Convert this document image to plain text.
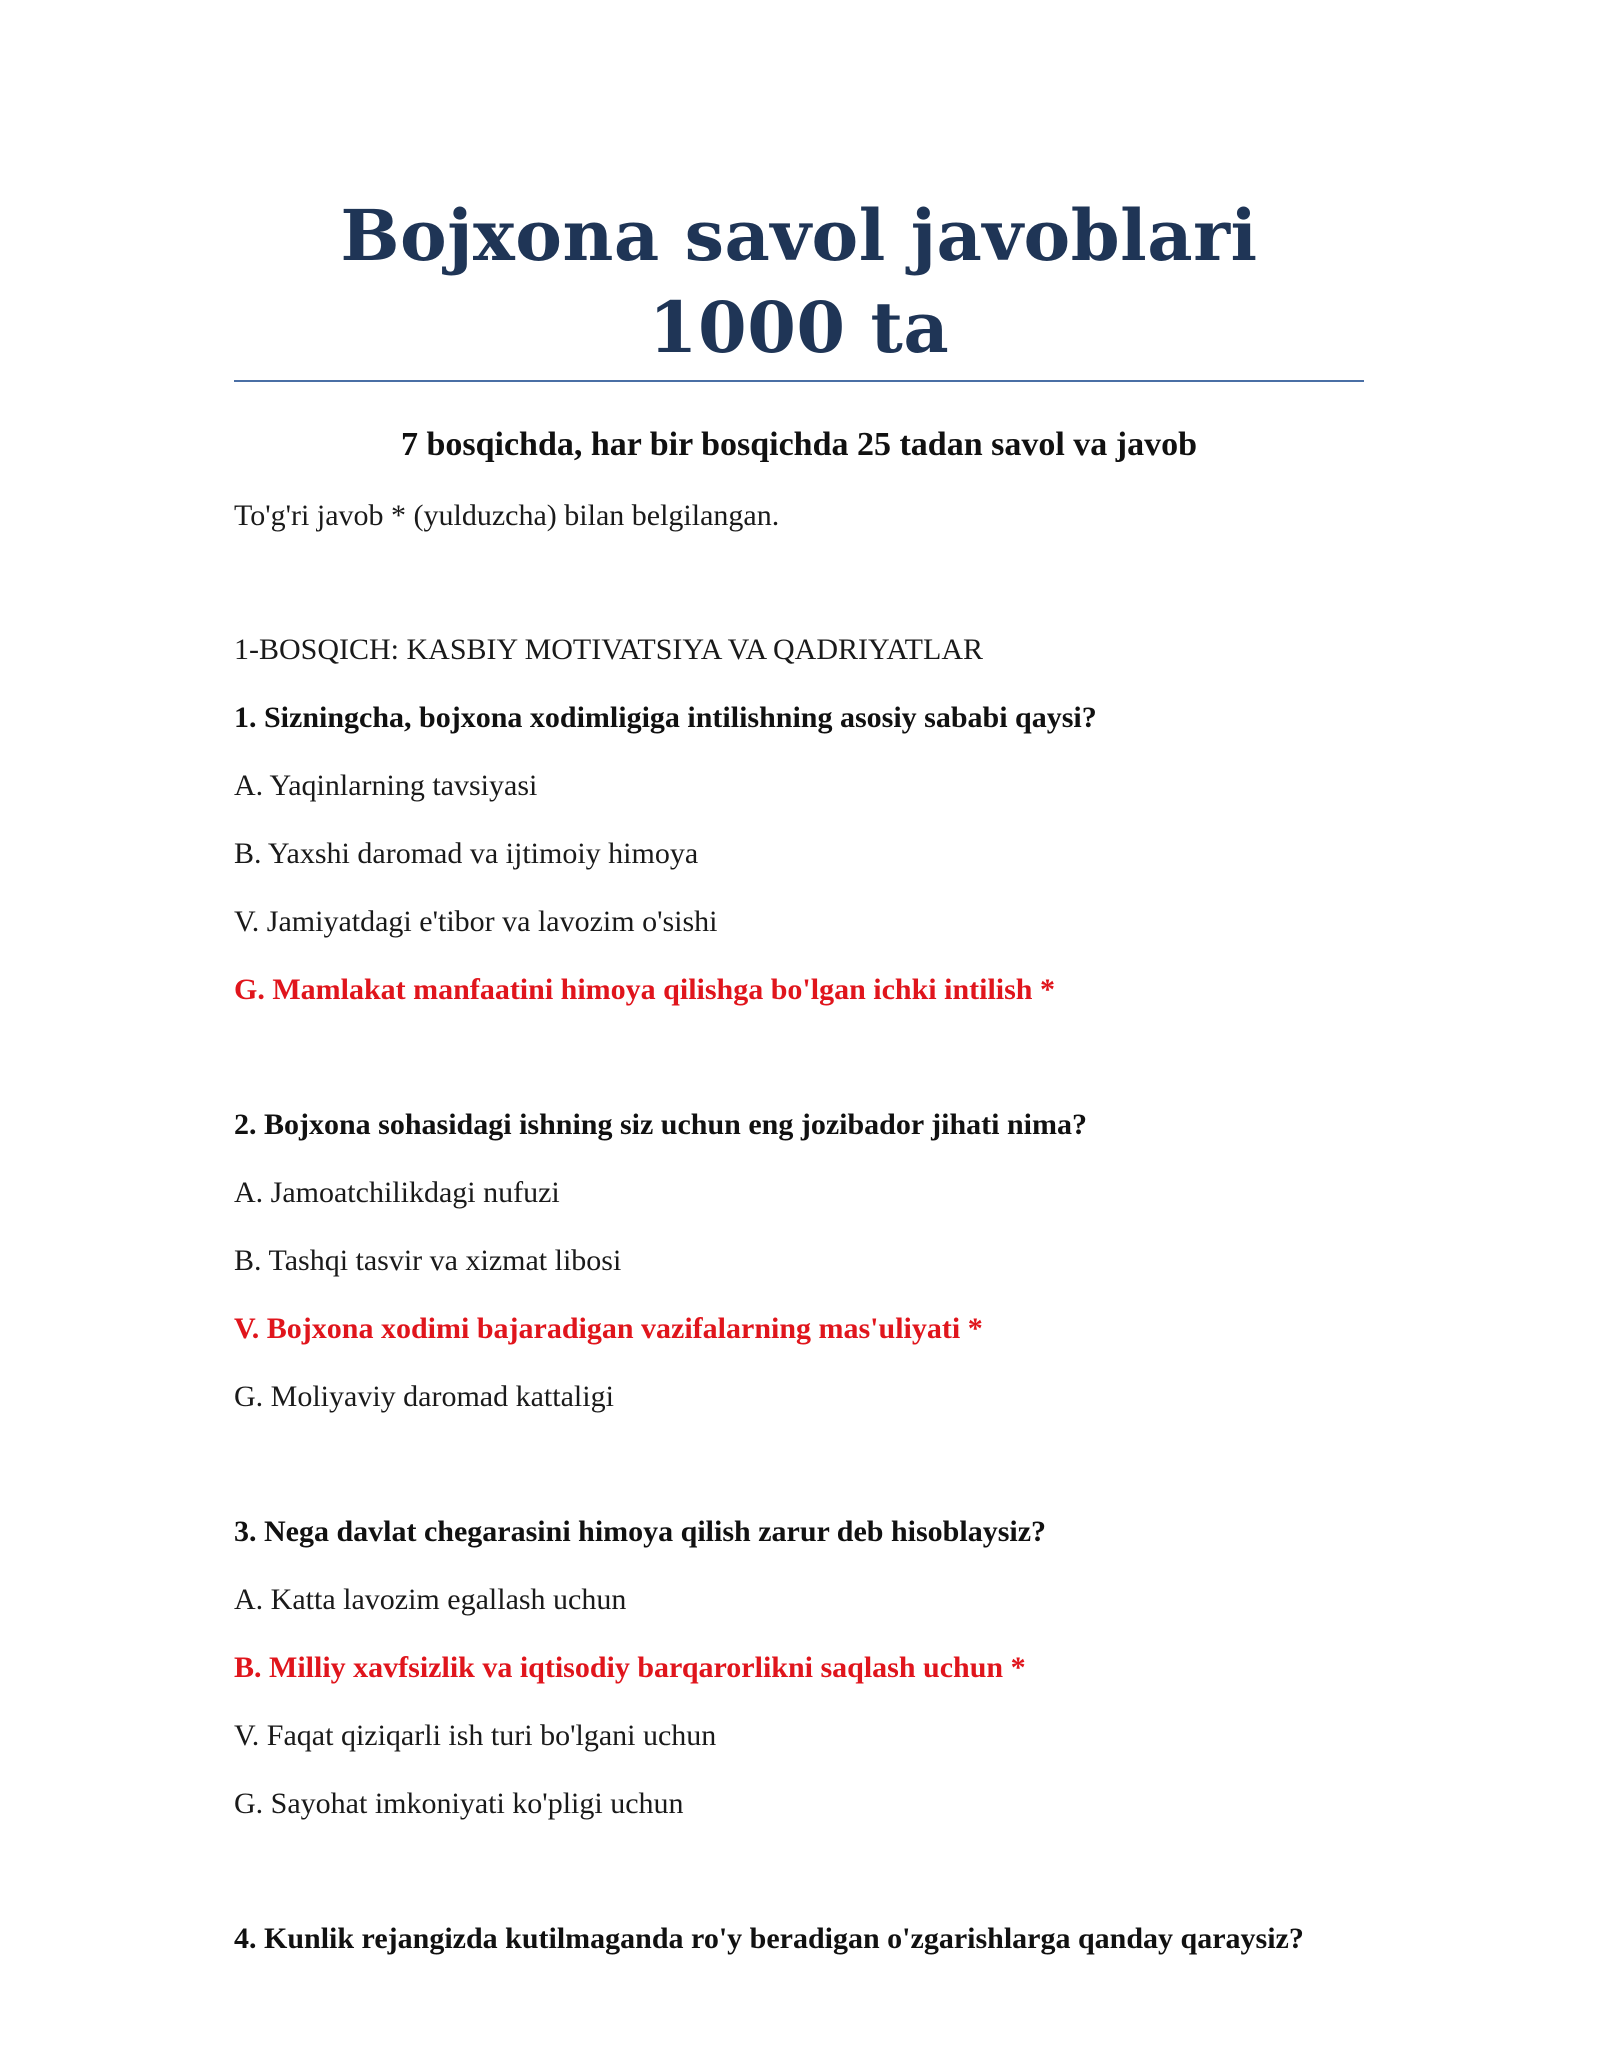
Bojxona savol javoblari 1000 ta
7 bosqichda, har bir bosqichda 25 tadan savol va javob
To'g'ri javob * (yulduzcha) bilan belgilangan.
1-BOSQICH: KASBIY MOTIVATSIYA VA QADRIYATLAR
1. Sizningcha, bojxona xodimligiga intilishning asosiy sababi qaysi?
A. Yaqinlarning tavsiyasi
B. Yaxshi daromad va ijtimoiy himoya
V. Jamiyatdagi e'tibor va lavozim o'sishi
G. Mamlakat manfaatini himoya qilishga bo'lgan ichki intilish *
2. Bojxona sohasidagi ishning siz uchun eng jozibador jihati nima?
A. Jamoatchilikdagi nufuzi
B. Tashqi tasvir va xizmat libosi
V. Bojxona xodimi bajaradigan vazifalarning mas'uliyati *
G. Moliyaviy daromad kattaligi
3. Nega davlat chegarasini himoya qilish zarur deb hisoblaysiz?
A. Katta lavozim egallash uchun
B. Milliy xavfsizlik va iqtisodiy barqarorlikni saqlash uchun *
V. Faqat qiziqarli ish turi bo'lgani uchun
G. Sayohat imkoniyati ko'pligi uchun
4. Kunlik rejangizda kutilmaganda ro'y beradigan o'zgarishlarga qanday qaraysiz?
